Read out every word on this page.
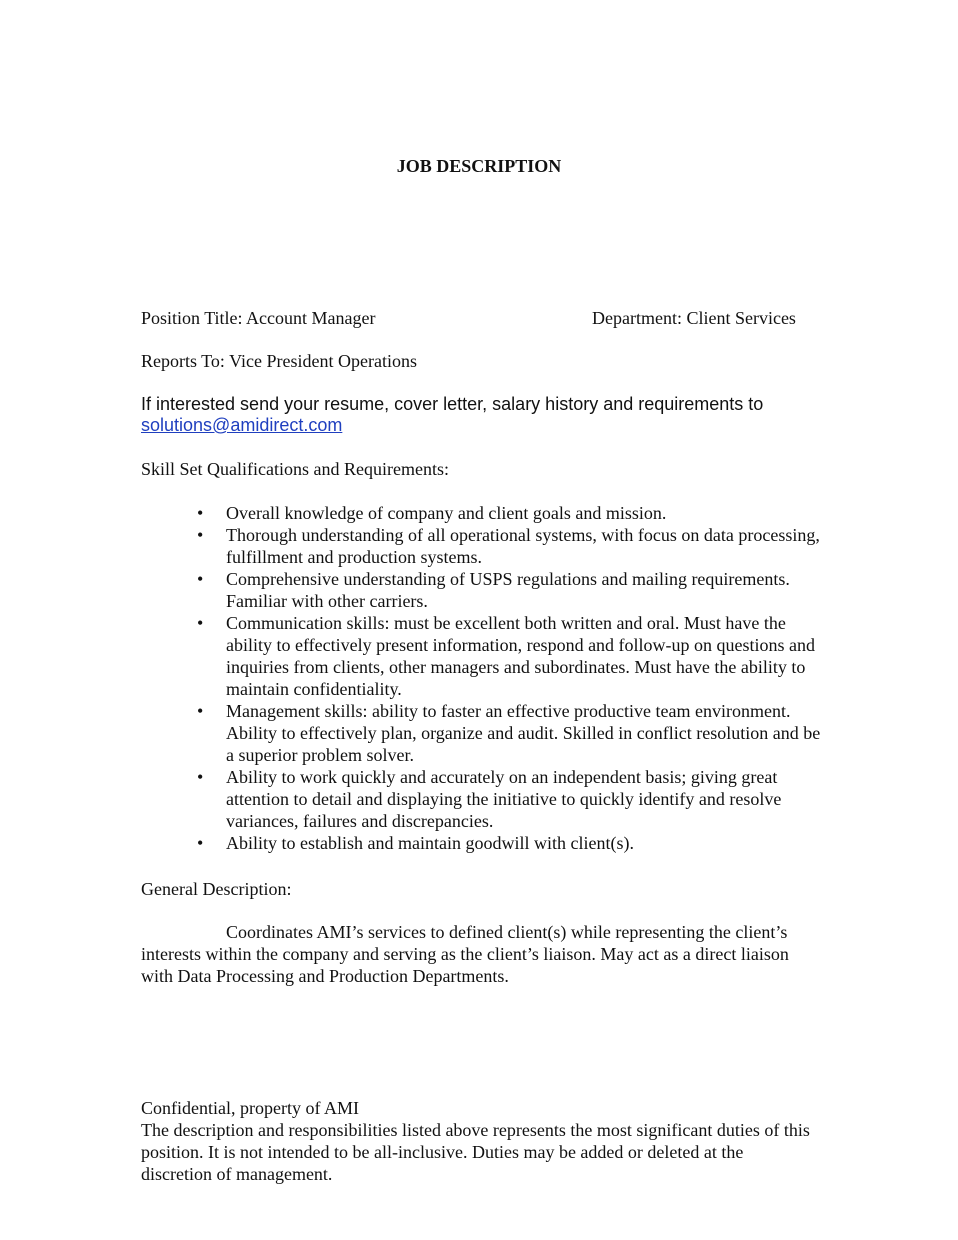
JOB DESCRIPTION
Position Title: Account Manager	Department: Client Services
Reports To: Vice President Operations
If interested send your resume, cover letter, salary history and requirements to
solutions@amidirect.com
Skill Set Qualifications and Requirements:
• Overall knowledge of company and client goals and mission.
• Thorough understanding of all operational systems, with focus on data processing, fulfillment and production systems.
• Comprehensive understanding of USPS regulations and mailing requirements. Familiar with other carriers.
• Communication skills: must be excellent both written and oral. Must have the ability to effectively present information, respond and follow-up on questions and inquiries from clients, other managers and subordinates. Must have the ability to maintain confidentiality.
• Management skills: ability to faster an effective productive team environment. Ability to effectively plan, organize and audit. Skilled in conflict resolution and be a superior problem solver.
• Ability to work quickly and accurately on an independent basis; giving great attention to detail and displaying the initiative to quickly identify and resolve variances, failures and discrepancies.
• Ability to establish and maintain goodwill with client(s).
General Description:
Coordinates AMI’s services to defined client(s) while representing the client’s interests within the company and serving as the client’s liaison. May act as a direct liaison with Data Processing and Production Departments.
Confidential, property of AMI
The description and responsibilities listed above represents the most significant duties of this position. It is not intended to be all-inclusive. Duties may be added or deleted at the discretion of management.
